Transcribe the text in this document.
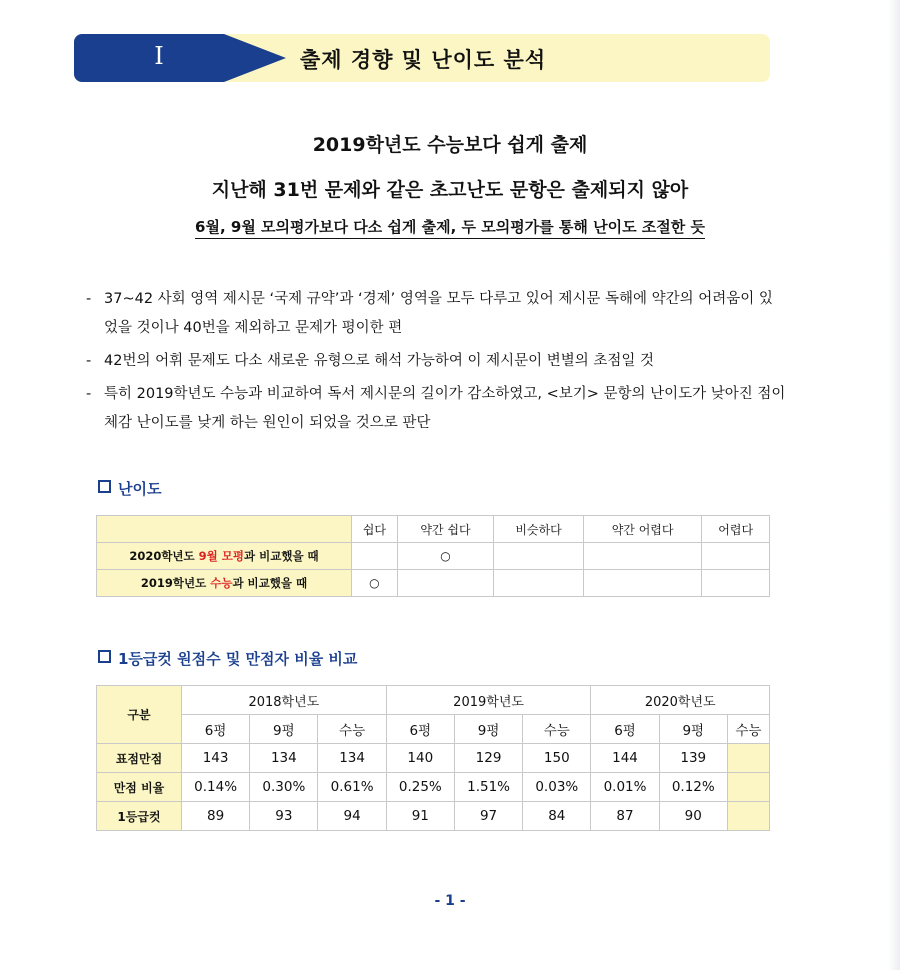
Ⅰ	출제 경향 및 난이도 분석
2019학년도 수능보다 쉽게 출제
지난해 31번 문제와 같은 초고난도 문항은 출제되지 않아
6월, 9월 모의평가보다 다소 쉽게 출제, 두 모의평가를 통해 난이도 조절한 듯
- 37~42 사회 영역 제시문 ‘국제 규약’과 ‘경제’ 영역을 모두 다루고 있어 제시문 독해에 약간의 어려움이 있었을 것이나 40번을 제외하고 문제가 평이한 편
- 42번의 어휘 문제도 다소 새로운 유형으로 해석 가능하여 이 제시문이 변별의 초점일 것
- 특히 2019학년도 수능과 비교하여 독서 제시문의 길이가 감소하였고, <보기> 문항의 난이도가 낮아진 점이 체감 난이도를 낮게 하는 원인이 되었을 것으로 판단
난이도
	쉽다	약간 쉽다	비슷하다	약간 어렵다	어렵다
2020학년도 9월 모평과 비교했을 때		○			
2019학년도 수능과 비교했을 때	○				
1등급컷 원점수 및 만점자 비율 비교
구분	2018학년도			2019학년도			2020학년도		
	6평	9평	수능	6평	9평	수능	6평	9평	수능
표점만점	143	134	134	140	129	150	144	139	
만점 비율	0.14%	0.30%	0.61%	0.25%	1.51%	0.03%	0.01%	0.12%	
1등급컷	89	93	94	91	97	84	87	90	
- 1 -
